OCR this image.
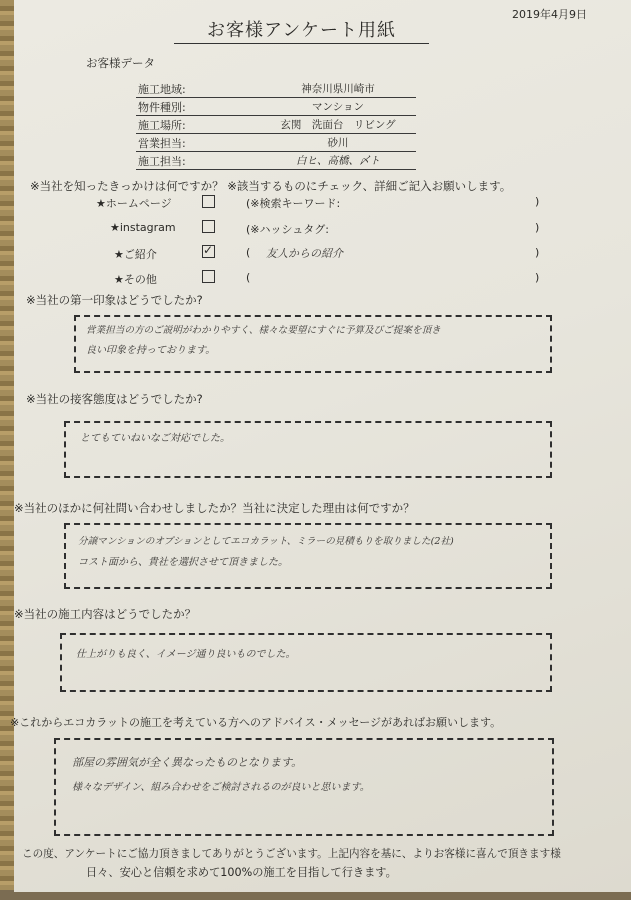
2019年4月9日
お客様アンケート用紙
お客様データ
施工地域:	神奈川県川崎市
物件種別:	マンション
施工場所:	玄関　洗面台　リビング
営業担当:	砂川
施工担当:	白ヒ、高橋、〆ト
※当社を知ったきっかけは何ですか？ ※該当するものにチェック、詳細ご記入お願いします。
★ホームページ	(※検索キーワード:	)
★instagram	(※ハッシュタグ:	)
★ご紹介	✓	( 友人からの紹介	)
★その他	(	)
※当社の第一印象はどうでしたか?
営業担当の方のご説明がわかりやすく、様々な要望にすぐに予算及びご提案を頂き
良い印象を持っております。
※当社の接客態度はどうでしたか?
とてもていねいなご対応でした。
※当社のほかに何社問い合わせしましたか？当社に決定した理由は何ですか？
分譲マンションのオプションとしてエコカラット、ミラーの見積もりを取りました(2社)
コスト面から、貴社を選択させて頂きました。
※当社の施工内容はどうでしたか？
仕上がりも良く、イメージ通り良いものでした。
※これからエコカラットの施工を考えている方へのアドバイス・メッセージがあればお願いします。
部屋の雰囲気が全く異なったものとなります。
様々なデザイン、組み合わせをご検討されるのが良いと思います。
この度、アンケートにご協力頂きましてありがとうございます。上記内容を基に、よりお客様に喜んで頂きます様
日々、安心と信頼を求めて100%の施工を目指して行きます。
